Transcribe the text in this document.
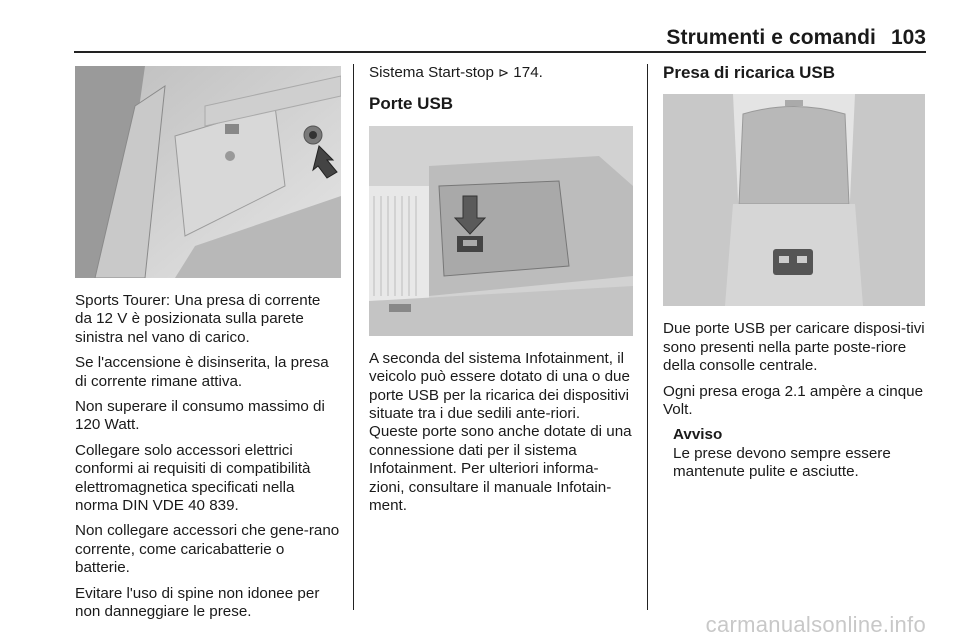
Strumenti e comandi 103

Sports Tourer: Una presa di corrente da 12 V è posizionata sulla parete sinistra nel vano di carico.

Se l'accensione è disinserita, la presa di corrente rimane attiva.

Non superare il consumo massimo di 120 Watt.

Collegare solo accessori elettrici conformi ai requisiti di compatibilità elettromagnetica specificati nella norma DIN VDE 40 839.

Non collegare accessori che gene-rano corrente, come caricabatterie o batterie.

Evitare l'uso di spine non idonee per non danneggiare le prese.

Sistema Start-stop ⊳ 174.

Porte USB

A seconda del sistema Infotainment, il veicolo può essere dotato di una o due porte USB per la ricarica dei dispositivi situate tra i due sedili ante-riori. Queste porte sono anche dotate di una connessione dati per il sistema Infotainment. Per ulteriori informa-zioni, consultare il manuale Infotain-ment.

Presa di ricarica USB

Due porte USB per caricare disposi-tivi sono presenti nella parte poste-riore della consolle centrale.

Ogni presa eroga 2.1 ampère a cinque Volt.

Avviso
Le prese devono sempre essere mantenute pulite e asciutte.
carmanualsonline.info
